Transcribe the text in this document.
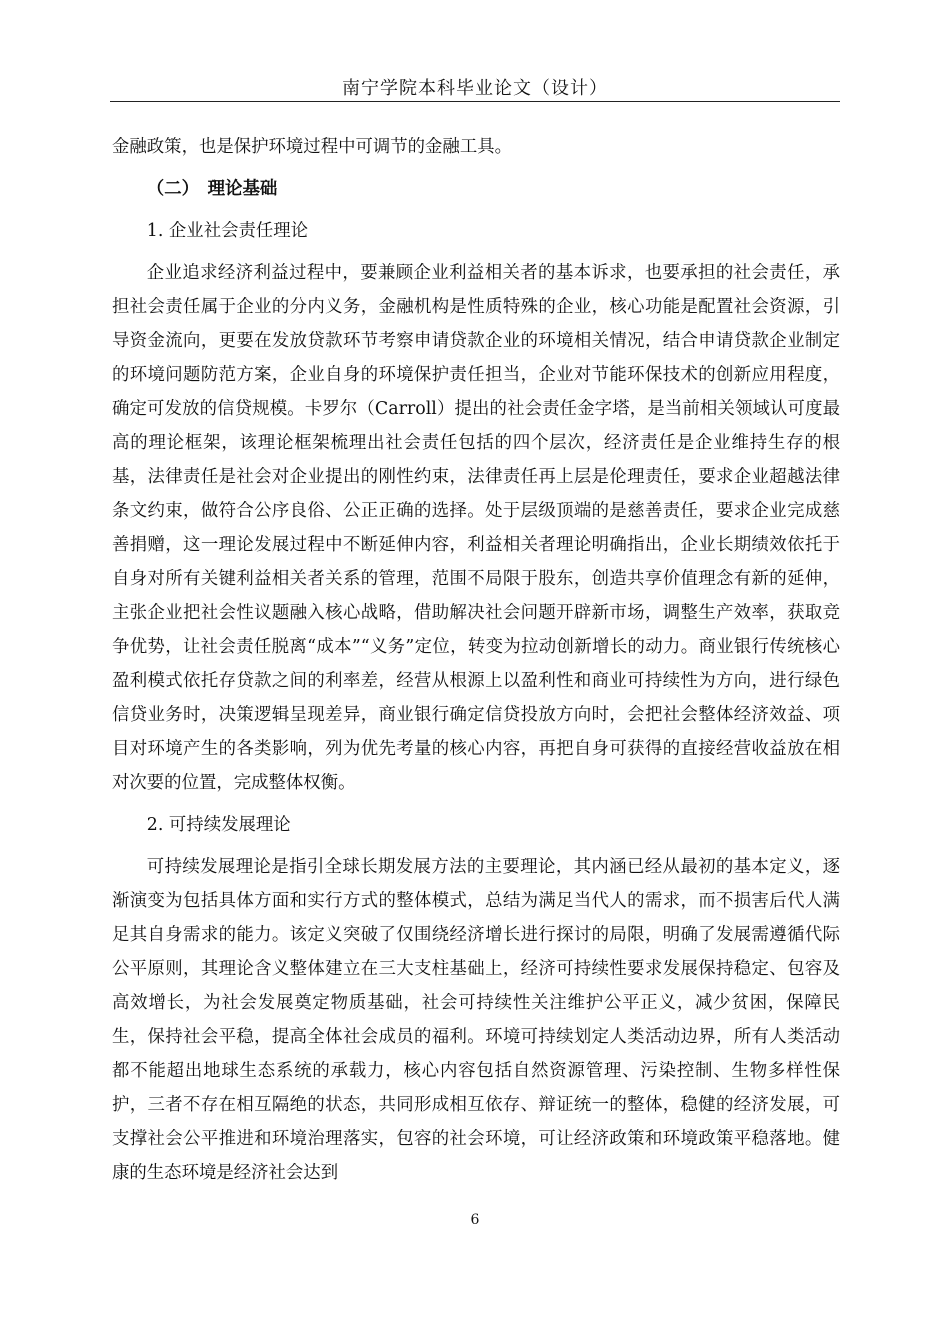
南宁学院本科毕业论文（设计）

金融政策，也是保护环境过程中可调节的金融工具。

（二）　理论基础

1. 企业社会责任理论

企业追求经济利益过程中，要兼顾企业利益相关者的基本诉求，也要承担的社会责任，承担社会责任属于企业的分内义务，金融机构是性质特殊的企业，核心功能是配置社会资源，引导资金流向，更要在发放贷款环节考察申请贷款企业的环境相关情况，结合申请贷款企业制定的环境问题防范方案，企业自身的环境保护责任担当，企业对节能环保技术的创新应用程度，确定可发放的信贷规模。卡罗尔（Carroll）提出的社会责任金字塔，是当前相关领域认可度最高的理论框架，该理论框架梳理出社会责任包括的四个层次，经济责任是企业维持生存的根基，法律责任是社会对企业提出的刚性约束，法律责任再上层是伦理责任，要求企业超越法律条文约束，做符合公序良俗、公正正确的选择。处于层级顶端的是慈善责任，要求企业完成慈善捐赠，这一理论发展过程中不断延伸内容，利益相关者理论明确指出，企业长期绩效依托于自身对所有关键利益相关者关系的管理，范围不局限于股东，创造共享价值理念有新的延伸，主张企业把社会性议题融入核心战略，借助解决社会问题开辟新市场，调整生产效率，获取竞争优势，让社会责任脱离“成本”“义务”定位，转变为拉动创新增长的动力。商业银行传统核心盈利模式依托存贷款之间的利率差，经营从根源上以盈利性和商业可持续性为方向，进行绿色信贷业务时，决策逻辑呈现差异，商业银行确定信贷投放方向时，会把社会整体经济效益、项目对环境产生的各类影响，列为优先考量的核心内容，再把自身可获得的直接经营收益放在相对次要的位置，完成整体权衡。

2. 可持续发展理论

可持续发展理论是指引全球长期发展方法的主要理论，其内涵已经从最初的基本定义，逐渐演变为包括具体方面和实行方式的整体模式，总结为满足当代人的需求，而不损害后代人满足其自身需求的能力。该定义突破了仅围绕经济增长进行探讨的局限，明确了发展需遵循代际公平原则，其理论含义整体建立在三大支柱基础上，经济可持续性要求发展保持稳定、包容及高效增长，为社会发展奠定物质基础，社会可持续性关注维护公平正义，减少贫困，保障民生，保持社会平稳，提高全体社会成员的福利。环境可持续划定人类活动边界，所有人类活动都不能超出地球生态系统的承载力，核心内容包括自然资源管理、污染控制、生物多样性保护，三者不存在相互隔绝的状态，共同形成相互依存、辩证统一的整体，稳健的经济发展，可支撑社会公平推进和环境治理落实，包容的社会环境，可让经济政策和环境政策平稳落地。健康的生态环境是经济社会达到

6
